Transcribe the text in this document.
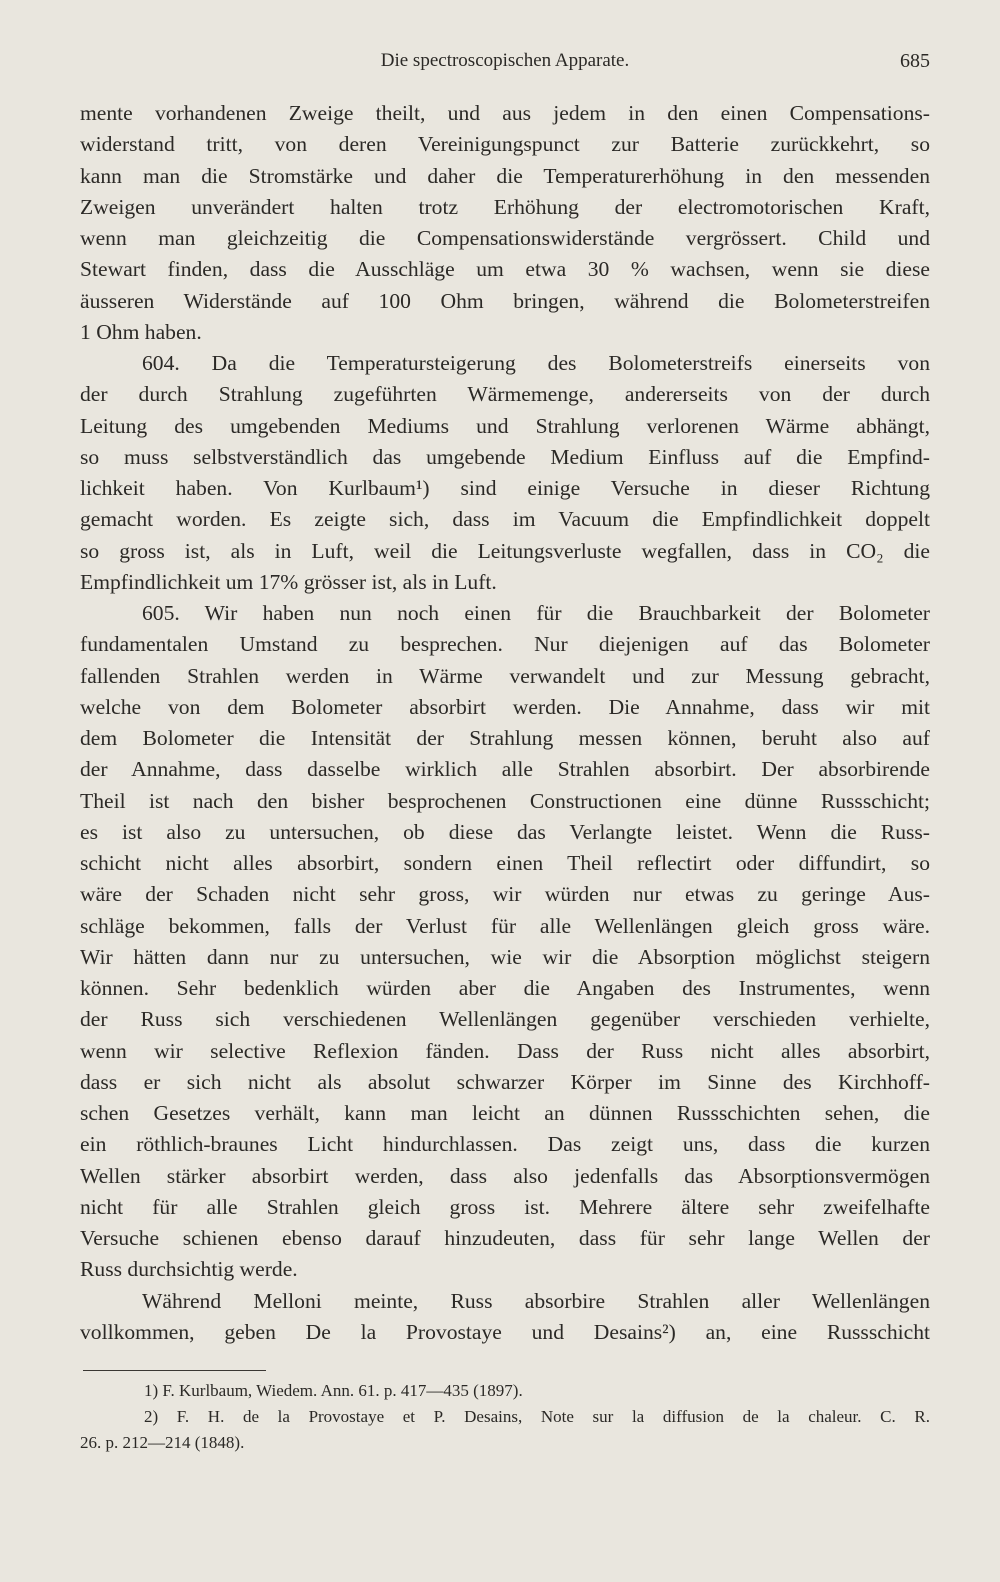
Die spectroscopischen Apparate.	685
mente vorhandenen Zweige theilt, und aus jedem in den einen Compensations-
widerstand tritt, von deren Vereinigungspunct zur Batterie zurückkehrt, so
kann man die Stromstärke und daher die Temperaturerhöhung in den messenden
Zweigen unverändert halten trotz Erhöhung der electromotorischen Kraft,
wenn man gleichzeitig die Compensationswiderstände vergrössert. Child und
Stewart finden, dass die Ausschläge um etwa 30 % wachsen, wenn sie diese
äusseren Widerstände auf 100 Ohm bringen, während die Bolometerstreifen
1 Ohm haben.
604. Da die Temperatursteigerung des Bolometerstreifs einerseits von
der durch Strahlung zugeführten Wärmemenge, andererseits von der durch
Leitung des umgebenden Mediums und Strahlung verlorenen Wärme abhängt,
so muss selbstverständlich das umgebende Medium Einfluss auf die Empfind-
lichkeit haben. Von Kurlbaum¹) sind einige Versuche in dieser Richtung
gemacht worden. Es zeigte sich, dass im Vacuum die Empfindlichkeit doppelt
so gross ist, als in Luft, weil die Leitungsverluste wegfallen, dass in CO₂ die
Empfindlichkeit um 17% grösser ist, als in Luft.
605. Wir haben nun noch einen für die Brauchbarkeit der Bolometer
fundamentalen Umstand zu besprechen. Nur diejenigen auf das Bolometer
fallenden Strahlen werden in Wärme verwandelt und zur Messung gebracht,
welche von dem Bolometer absorbirt werden. Die Annahme, dass wir mit
dem Bolometer die Intensität der Strahlung messen können, beruht also auf
der Annahme, dass dasselbe wirklich alle Strahlen absorbirt. Der absorbirende
Theil ist nach den bisher besprochenen Constructionen eine dünne Russschicht;
es ist also zu untersuchen, ob diese das Verlangte leistet. Wenn die Russ-
schicht nicht alles absorbirt, sondern einen Theil reflectirt oder diffundirt, so
wäre der Schaden nicht sehr gross, wir würden nur etwas zu geringe Aus-
schläge bekommen, falls der Verlust für alle Wellenlängen gleich gross wäre.
Wir hätten dann nur zu untersuchen, wie wir die Absorption möglichst steigern
können. Sehr bedenklich würden aber die Angaben des Instrumentes, wenn
der Russ sich verschiedenen Wellenlängen gegenüber verschieden verhielte,
wenn wir selective Reflexion fänden. Dass der Russ nicht alles absorbirt,
dass er sich nicht als absolut schwarzer Körper im Sinne des Kirchhoff-
schen Gesetzes verhält, kann man leicht an dünnen Russschichten sehen, die
ein röthlich-braunes Licht hindurchlassen. Das zeigt uns, dass die kurzen
Wellen stärker absorbirt werden, dass also jedenfalls das Absorptionsvermögen
nicht für alle Strahlen gleich gross ist. Mehrere ältere sehr zweifelhafte
Versuche schienen ebenso darauf hinzudeuten, dass für sehr lange Wellen der
Russ durchsichtig werde.
Während Melloni meinte, Russ absorbire Strahlen aller Wellenlängen
vollkommen, geben De la Provostaye und Desains²) an, eine Russschicht
1) F. Kurlbaum, Wiedem. Ann. 61. p. 417—435 (1897).
2) F. H. de la Provostaye et P. Desains, Note sur la diffusion de la chaleur. C. R.
26. p. 212—214 (1848).
